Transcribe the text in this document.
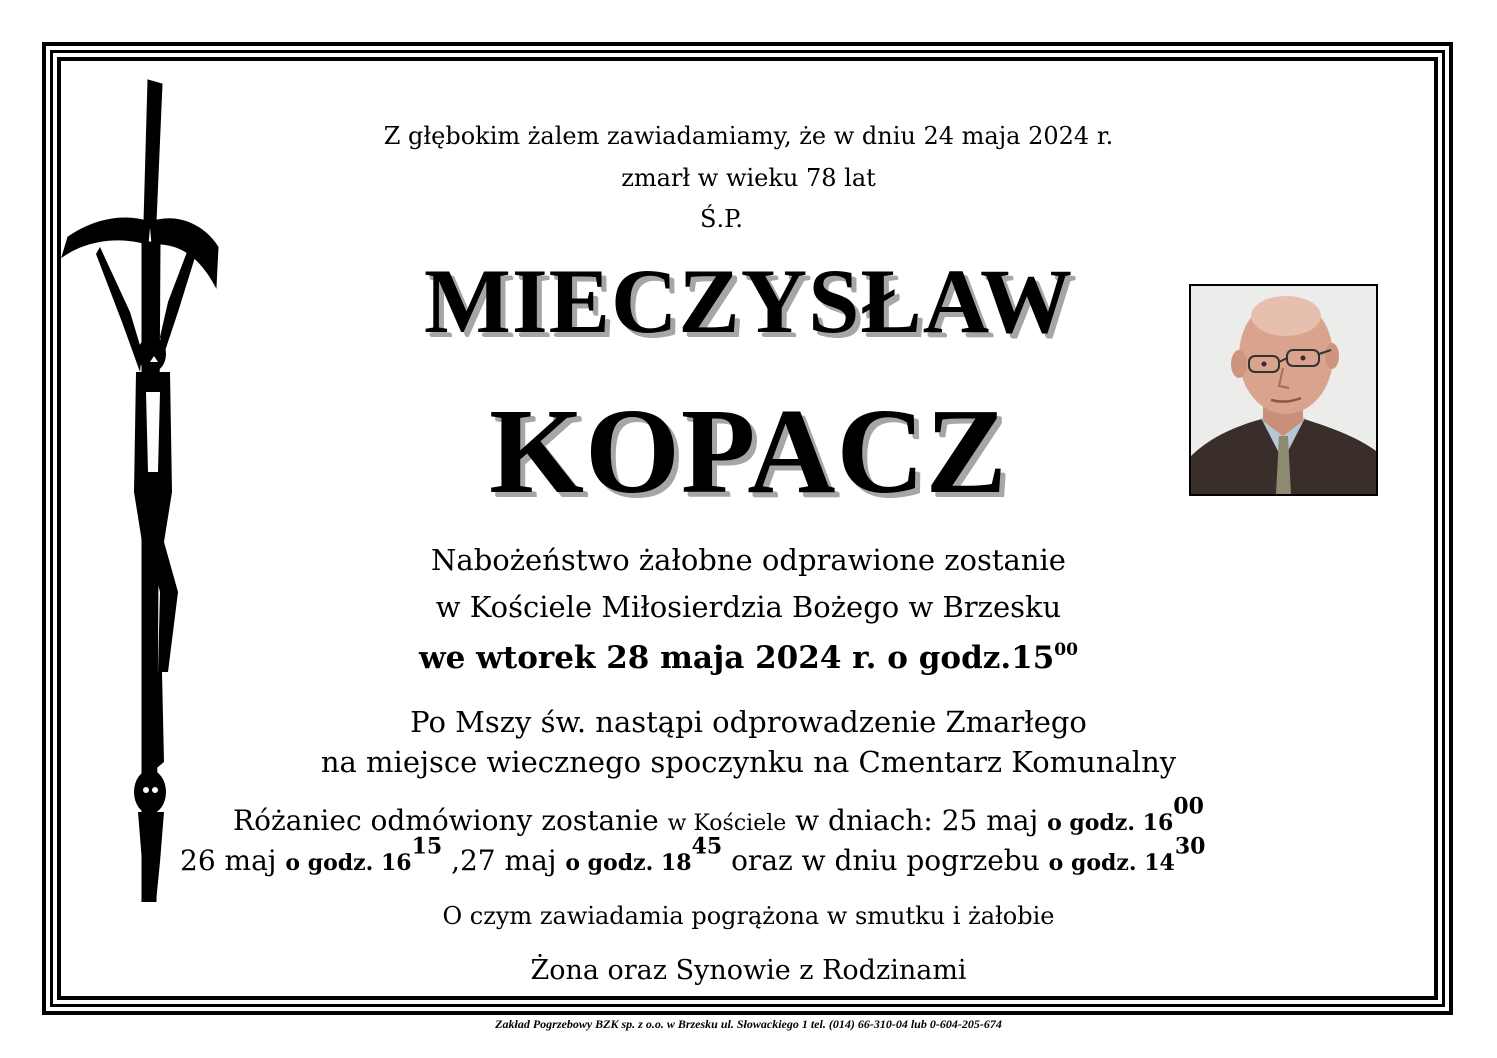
Z głębokim żalem zawiadamiamy, że w dniu 24 maja 2024 r.
zmarł w wieku 78 lat
Ś.P.
MIECZYSŁAW
KOPACZ
Nabożeństwo żałobne odprawione zostanie
w Kościele Miłosierdzia Bożego w Brzesku
we wtorek 28 maja 2024 r. o $godz.15^{00}$
Po Mszy św. nastąpi odprowadzenie Zmarłego
na miejsce wiecznego spoczynku na Cmentarz Komunalny
Różaniec odmówiony zostanie w Kościele w dniach: 25 maj o godz. $16^{00}$
26 maj o godz. $16^{15}$ ,27 maj o godz. $18^{45}$ oraz w dniu pogrzebu o godz. $14^{30}$
O czym zawiadamia pogrążona w smutku i żałobie
Żona oraz Synowie z Rodzinami
Zakład Pogrzebowy BZK sp. z o.o. w Brzesku ul. Słowackiego 1 tel. (014) 66-310-04 lub 0-604-205-674
